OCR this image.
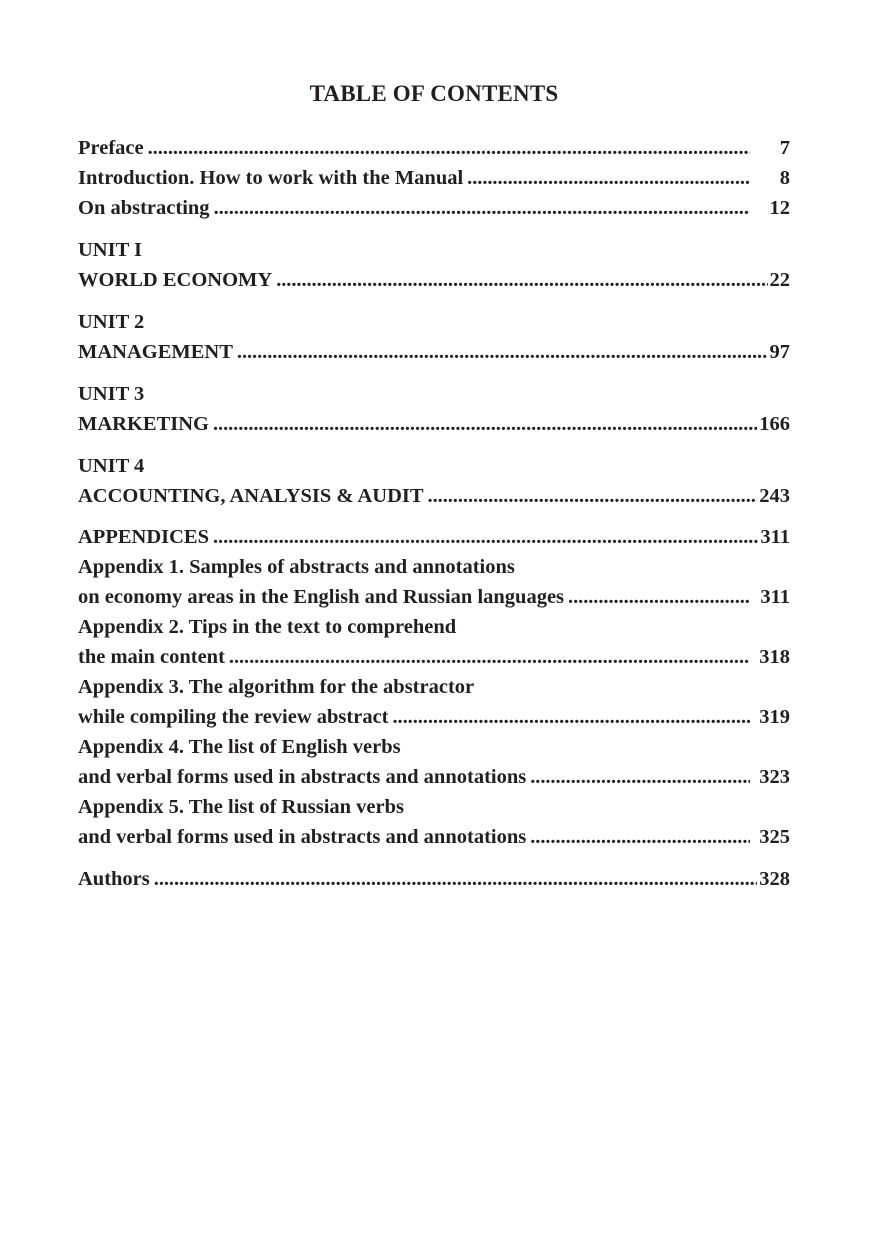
TABLE OF CONTENTS
Preface . . .	7
Introduction. How to work with the Manual . . .	8
On abstracting . . .	12
UNIT I
WORLD ECONOMY . . .	22
UNIT 2
MANAGEMENT . . .	97
UNIT 3
MARKETING . . .	166
UNIT 4
ACCOUNTING, ANALYSIS & AUDIT . . .	243
APPENDICES . . .	311
Appendix 1. Samples of abstracts and annotations
on economy areas in the English and Russian languages . . .	311
Appendix 2. Tips in the text to comprehend
the main content . . .	318
Appendix 3. The algorithm for the abstractor
while compiling the review abstract . . .	319
Appendix 4. The list of English verbs
and verbal forms used in abstracts and annotations . . .	323
Appendix 5. The list of Russian verbs
and verbal forms used in abstracts and annotations . . .	325
Authors . . .	328
